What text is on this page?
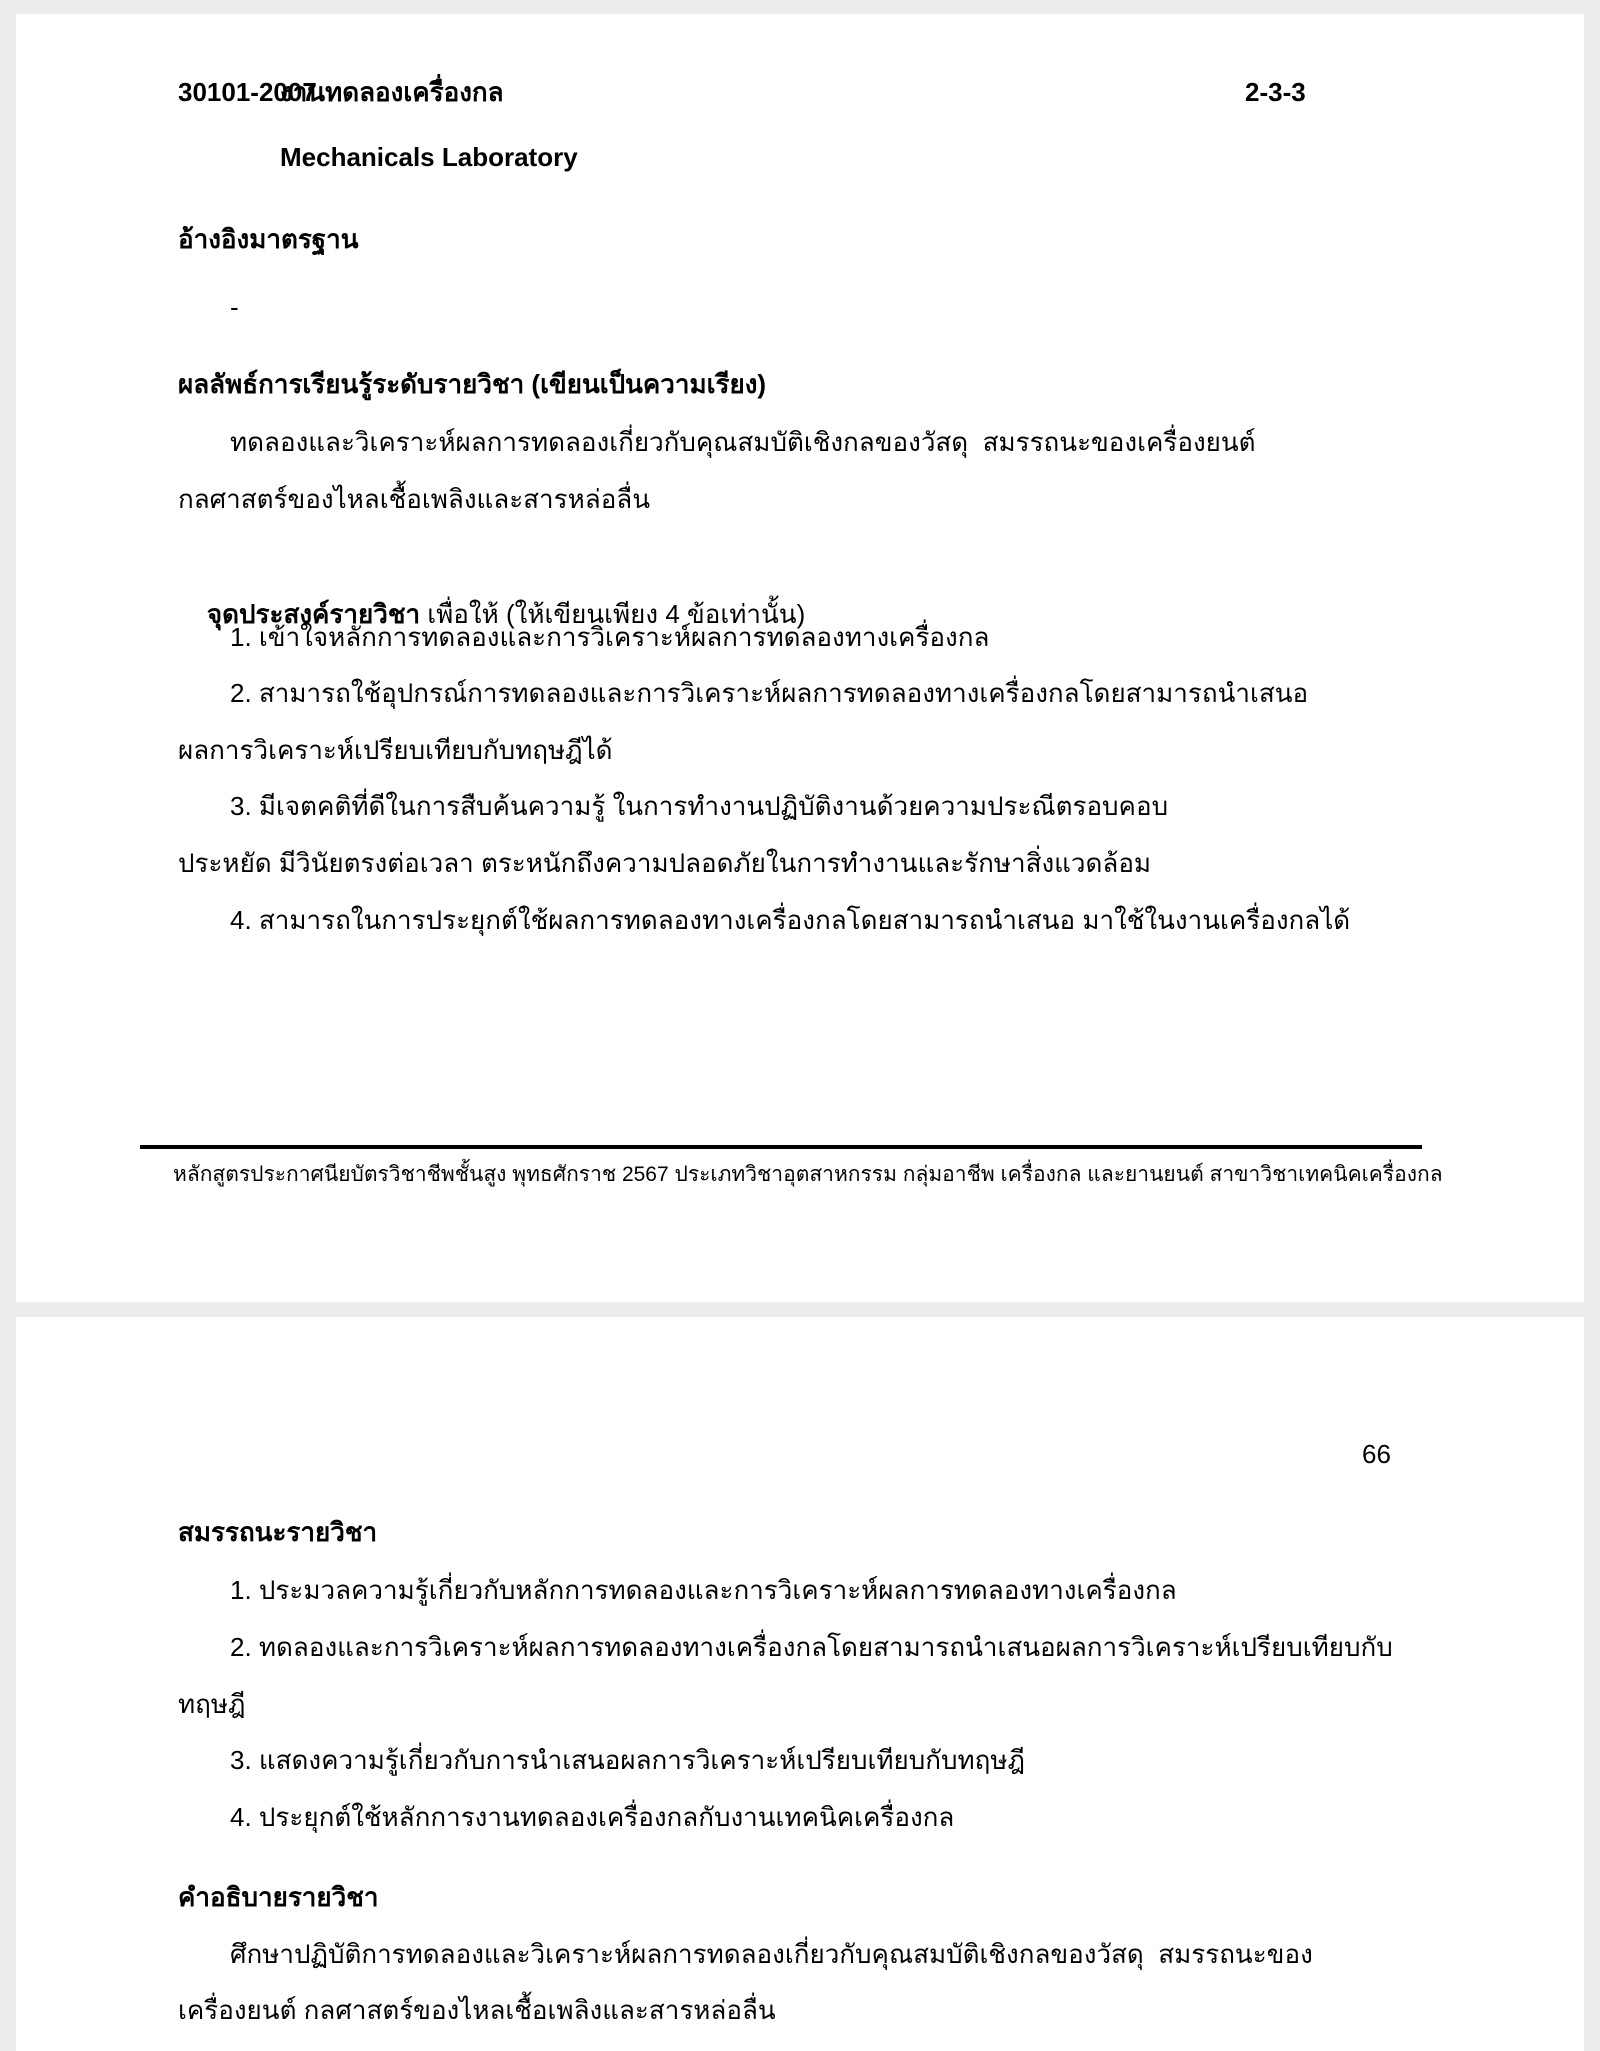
30101-2007
งานทดลองเครื่องกล	2-3-3
Mechanicals Laboratory
อ้างอิงมาตรฐาน
-
ผลลัพธ์การเรียนรู้ระดับรายวิชา (เขียนเป็นความเรียง)
ทดลองและวิเคราะห์ผลการทดลองเกี่ยวกับคุณสมบัติเชิงกลของวัสดุ  สมรรถนะของเครื่องยนต์
กลศาสตร์ของไหลเชื้อเพลิงและสารหล่อลื่น

จุดประสงค์รายวิชา เพื่อให้ (ให้เขียนเพียง 4 ข้อเท่านั้น)

1. เข้าใจหลักการทดลองและการวิเคราะห์ผลการทดลองทางเครื่องกล
2. สามารถใช้อุปกรณ์การทดลองและการวิเคราะห์ผลการทดลองทางเครื่องกลโดยสามารถนำเสนอ
ผลการวิเคราะห์เปรียบเทียบกับทฤษฎีได้
3. มีเจตคติที่ดีในการสืบค้นความรู้ ในการทำงานปฏิบัติงานด้วยความประณีตรอบคอบ
ประหยัด มีวินัยตรงต่อเวลา ตระหนักถึงความปลอดภัยในการทำงานและรักษาสิ่งแวดล้อม
4. สามารถในการประยุกต์ใช้ผลการทดลองทางเครื่องกลโดยสามารถนำเสนอ มาใช้ในงานเครื่องกลได้
หลักสูตรประกาศนียบัตรวิชาชีพชั้นสูง พุทธศักราช 2567 ประเภทวิชาอุตสาหกรรม กลุ่มอาชีพ เครื่องกล และยานยนต์ สาขาวิชาเทคนิคเครื่องกล
66
สมรรถนะรายวิชา
1. ประมวลความรู้เกี่ยวกับหลักการทดลองและการวิเคราะห์ผลการทดลองทางเครื่องกล
2. ทดลองและการวิเคราะห์ผลการทดลองทางเครื่องกลโดยสามารถนำเสนอผลการวิเคราะห์เปรียบเทียบกับ
ทฤษฎี
3. แสดงความรู้เกี่ยวกับการนำเสนอผลการวิเคราะห์เปรียบเทียบกับทฤษฎี
4. ประยุกต์ใช้หลักการงานทดลองเครื่องกลกับงานเทคนิคเครื่องกล
คำอธิบายรายวิชา
ศึกษาปฏิบัติการทดลองและวิเคราะห์ผลการทดลองเกี่ยวกับคุณสมบัติเชิงกลของวัสดุ  สมรรถนะของ
เครื่องยนต์ กลศาสตร์ของไหลเชื้อเพลิงและสารหล่อลื่น
